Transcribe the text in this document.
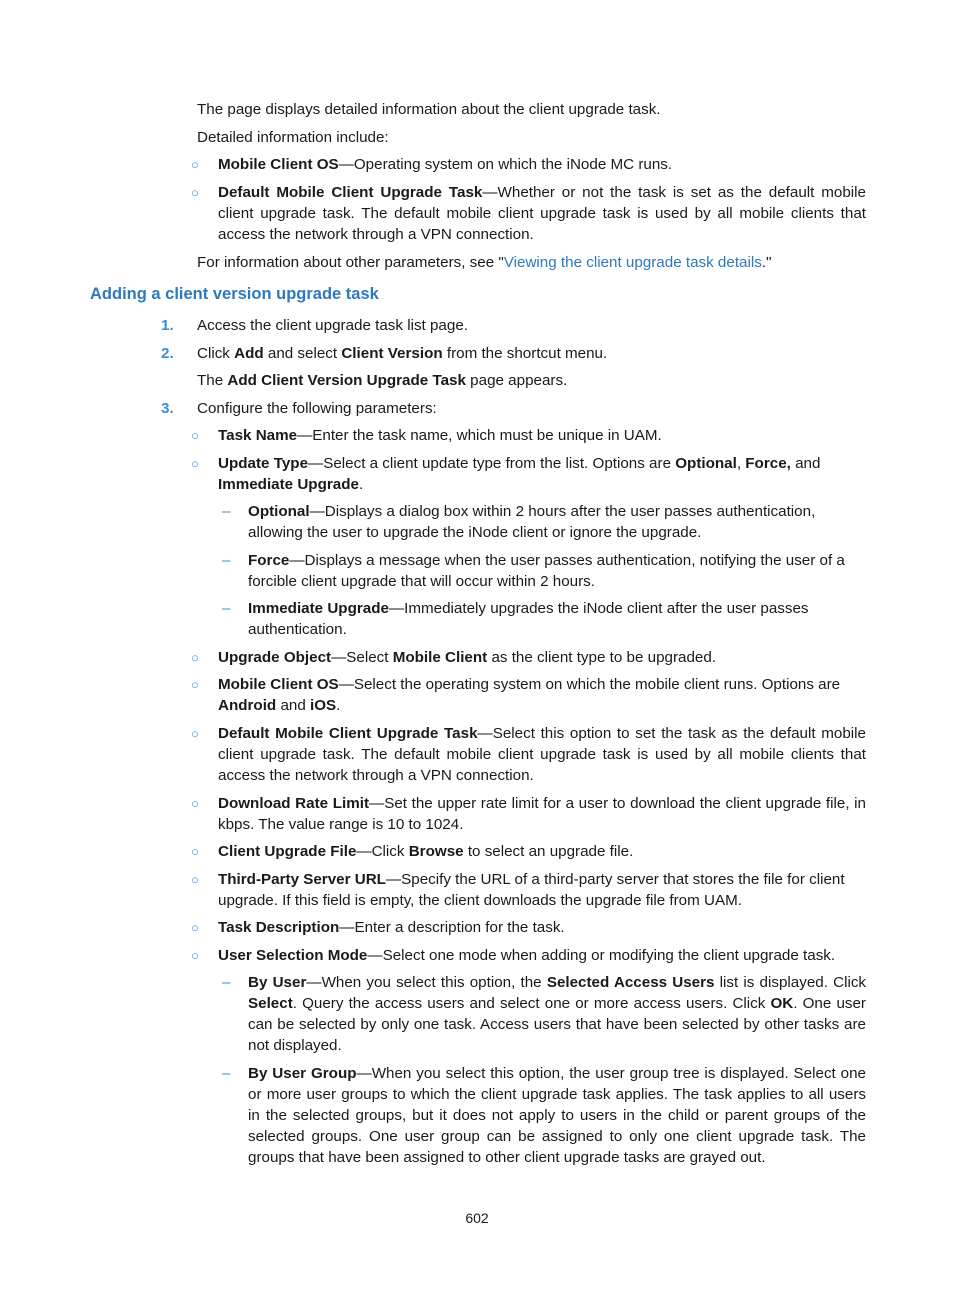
The page displays detailed information about the client upgrade task.

Detailed information include:

○ Mobile Client OS—Operating system on which the iNode MC runs.

○ Default Mobile Client Upgrade Task—Whether or not the task is set as the default mobile client upgrade task. The default mobile client upgrade task is used by all mobile clients that access the network through a VPN connection.

For information about other parameters, see "Viewing the client upgrade task details."

Adding a client version upgrade task

1. Access the client upgrade task list page.

2. Click Add and select Client Version from the shortcut menu.

The Add Client Version Upgrade Task page appears.

3. Configure the following parameters:

○ Task Name—Enter the task name, which must be unique in UAM.

○ Update Type—Select a client update type from the list. Options are Optional, Force, and Immediate Upgrade.

– Optional—Displays a dialog box within 2 hours after the user passes authentication, allowing the user to upgrade the iNode client or ignore the upgrade.

– Force—Displays a message when the user passes authentication, notifying the user of a forcible client upgrade that will occur within 2 hours.

– Immediate Upgrade—Immediately upgrades the iNode client after the user passes authentication.

○ Upgrade Object—Select Mobile Client as the client type to be upgraded.

○ Mobile Client OS—Select the operating system on which the mobile client runs. Options are Android and iOS.

○ Default Mobile Client Upgrade Task—Select this option to set the task as the default mobile client upgrade task. The default mobile client upgrade task is used by all mobile clients that access the network through a VPN connection.

○ Download Rate Limit—Set the upper rate limit for a user to download the client upgrade file, in kbps. The value range is 10 to 1024.

○ Client Upgrade File—Click Browse to select an upgrade file.

○ Third-Party Server URL—Specify the URL of a third-party server that stores the file for client upgrade. If this field is empty, the client downloads the upgrade file from UAM.

○ Task Description—Enter a description for the task.

○ User Selection Mode—Select one mode when adding or modifying the client upgrade task.

– By User—When you select this option, the Selected Access Users list is displayed. Click Select. Query the access users and select one or more access users. Click OK. One user can be selected by only one task. Access users that have been selected by other tasks are not displayed.

– By User Group—When you select this option, the user group tree is displayed. Select one or more user groups to which the client upgrade task applies. The task applies to all users in the selected groups, but it does not apply to users in the child or parent groups of the selected groups. One user group can be assigned to only one client upgrade task. The groups that have been assigned to other client upgrade tasks are grayed out.

602
